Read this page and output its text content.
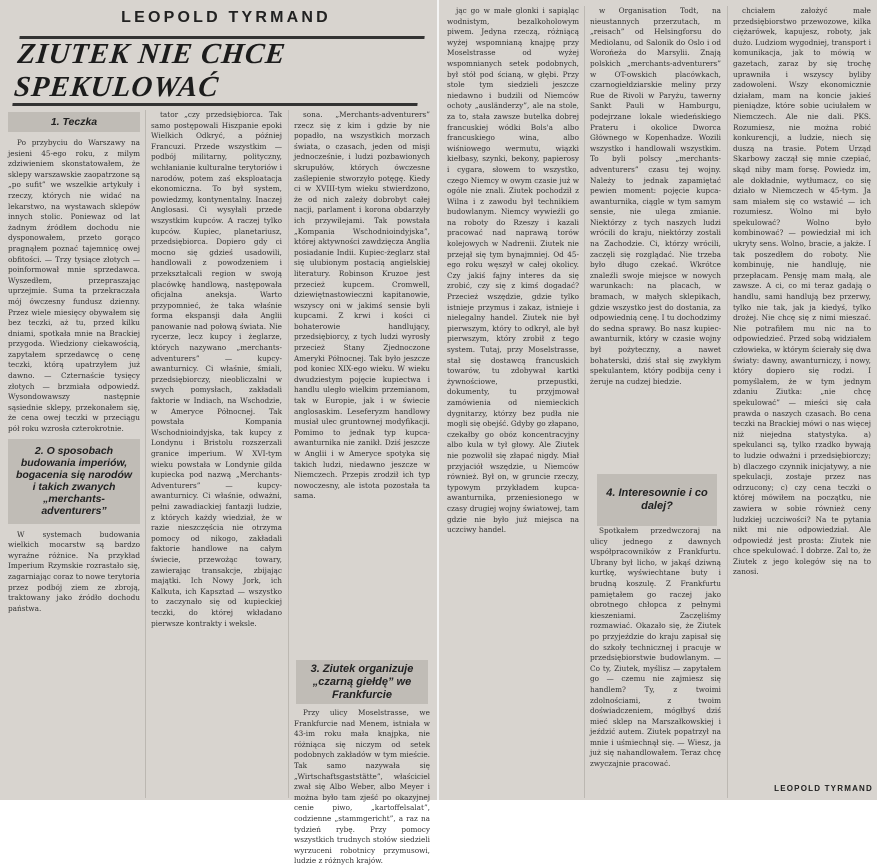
LEOPOLD TYRMAND
ZIUTEK NIE CHCE SPEKULOWAĆ
1. Teczka

Po przybyciu do Warszawy na jesieni 45-ego roku, z milym zdziwieniem skonstatowałem, że sklepy warszawskie zaopatrzone są „po sufit” we wszelkie artykuły i rzeczy, których nie widać na lekarstwo, na wystawach sklepów innych stolic. Poniewaz od lat żadnym źródłem dochodu nie dysponowałem, przeto gorąco pragnąłem poznać tajemnicę owej obfitości. — Trzy tysiące złotych — poinformował mnie sprzedawca. Wyszedłem, przepraszając uprzejmie. Suma ta przekraczała mój ówczesny fundusz dzienny. Przez wiele miesięcy obywałem się bez teczki, aż tu, przed kilku dniami, spotkała mnie na Brackiej przygoda. Wiedziony ciekawością, zapytałem sprzedawcę o cenę teczki, którą upatrzyłem już dawno. — Czternaście tysięcy złotych — brzmiała odpowiedź. Wysondowawszy następnie sąsiednie sklepy, przekonałem się, że cena owej teczki w przeciągu pół roku wzrosła czterokrotnie.

2. O sposobach budowania imperiów, bogacenia się narodów i takich zwanych „merchants-adventurers”

W systemach budowania wielkich mocarstw są bardzo wyraźne różnice. Na przykład Imperium Rzymskie rozrastało się, zagarniając coraz to nowe terytoria przez podbój ziem ze zbroją, traktowany jako źródło dochodu państwa.

tator „czy przedsiębiorca. Tak samo postępowali Hiszpanie epoki Wielkich Odkryć, a później Francuzi. Przede wszystkim — podbój militarny, polityczny, wchłanianie kulturalne terytoriów i narodów, potem zaś eksploatacja ekonomiczna. To był system, powiedzmy, kontynentalny. Inaczej Anglosasi. Ci wysyłali przede wszystkim kupców. A raczej tylko kupców. Kupiec, planetariusz, przedsiębiorca. Dopiero gdy ci mocno się gdzieś usadowili, handlowali z powodzeniem i przekształcali region w swoją placówkę handlową, następowała oficjalna aneksja. Warto przypomnieć, że taka właśnie forma ekspansji dała Anglii panowanie nad połową świata. Nie rycerze, lecz kupcy i żeglarze, których nazywano „merchants-adventurers” — kupcy-awanturnicy. Ci właśnie, śmiali, przedsiębiorczy, nieobliczalni w swych pomysłach, zakładali faktorie w Indiach, na Wschodzie, w Ameryce Północnej. Tak powstała Kompania Wschodnioindyjska, tak kupcy z Londynu i Bristolu rozszerzali granice imperium. W XVI-tym wieku powstała w Londynie gilda kupiecka pod nazwą „Merchants-Adventurers” — kupcy-awanturnicy. Ci właśnie, odważni, pełni zawadiackiej fantazji ludzie, z których każdy wiedział, że w razie nieszczęścia nie otrzyma pomocy od nikogo, zakładali faktorie handlowe na całym świecie, przewożąc towary, zawierając transakcje, zbijając majątki. Ich Nowy Jork, ich Kalkuta, ich Kapsztad — wszystko to zaczynało się od kupieckiej teczki, do której wkładano pierwsze kontrakty i weksle.

sona. „Merchants-adventurers” rzecz się z kim i gdzie by nie popadło, na wszystkich morzach świata, o czasach, jeden od misji jednocześnie, i ludzi pozbawionych skrupułów, których ówczesne zaślepienie stworzyło potęgę. Kiedy ci w XVIII-tym wieku stwierdzono, że od nich zależy dobrobyt całej nacji, parlament i korona obdarzyły ich przywilejami. Tak powstała „Kompania Wschodnioindyjska”, której aktywności zawdzięcza Anglia posiadanie Indii. Kupiec-żeglarz stał się ulubionym postacią angielskiej literatury. Robinson Kruzoe jest przecież kupcem. Cromwell, dziewiętnastowieczni kapitanowie, wszyscy oni w jakimś sensie byli kupcami. Z krwi i kości ci bohaterowie handlujący, przedsiębiorcy, z tych ludzi wyrosły przecież Stany Zjednoczone Ameryki Północnej. Tak było jeszcze pod koniec XIX-ego wieku. W wieku dwudziestym pojęcie kupiectwa i handlu uległo wielkim przemianom, tak w Europie, jak i w świecie anglosaskim. Leseferyzm handlowy musiał ulec gruntownej modyfikacji. Pomimo to jednak typ kupca-awanturnika nie zanikł. Dziś jeszcze w Anglii i w Ameryce spotyka się takich ludzi, niedawno jeszcze w Niemczech. Przepis zrodził ich typ nowoczesny, ale istota pozostała ta sama.

3. Ziutek organizuje „czarną giełdę” we Frankfurcie

Przy ulicy Moselstrasse, we Frankfurcie nad Menem, istniała w 43-im roku mała knajpka, nie różniąca się niczym od setek podobnych zakładów w tym mieście. Tak samo nazywała się „Wirtschaftsgaststätte”, właściciel zwał się Albo Weber, albo Meyer i można było tam zjeść po okazyjnej cenie piwo, „kartoffelsalat”, codzienne „stammgericht”, a raz na tydzień rybę. Przy pomocy wszystkich trudnych stołów siedzieli wyrzuceni robotnicy przymusowi, ludzie z różnych krajów.

jąc go w małe glonki i sapiąląc wodnistym, bezalkoholowym piwem. Jedyna rzeczą, różniącą wyżej wspomnianą knajpę przy Moselstrasse od wyżej wspomnianych setek podobnych, był stół pod ścianą, w głębi. Przy stole tym siedzieli jeszcze niedawno i budzili od Niemców ochoty „ausländerzy”, ale na stole, za to, stała zawsze butelka dobrej francuskiej wódki Bols'a albo francuskiego wina, albo wiśniowego wermutu, wiązki kiełbasy, szynki, bekony, papierosy i cygara, słowem to wszystko, czego Niemcy w owym czasie już w ogóle nie znali. Ziutek pochodził z Wilna i z zawodu był technikiem budowlanym. Niemcy wywieźli go na roboty do Rzeszy i kazali pracować nad naprawą torów kolejowych w Nadrenii. Ziutek nie przejął się tym bynajmniej. Od 45-ego roku węszył w całej okolicy. Czy jakiś fajny interes da się zrobić, czy się z kimś dogadać? Przecież wszędzie, gdzie tylko istnieje przymus i zakaz, istnieje i nielegalny handel. Ziutek nie był pierwszym, który to odkrył, ale był pierwszym, który zrobił z tego system. Tutaj, przy Moselstrasse, stał się dostawcą francuskich towarów, tu zdobywał kartki żywnościowe, przepustki, dokumenty, tu przyjmował zamówienia od niemieckich dygnitarzy, którzy bez pudła nie mogli się obejść. Gdyby go złapano, czekałby go obóz koncentracyjny albo kula w tył głowy. Ale Ziutek nie pozwolił się złapać nigdy. Miał przyjaciół wszędzie, u Niemców również. Był on, w gruncie rzeczy, typowym przykładem kupca-awanturnika, przeniesionego w czasy drugiej wojny światowej, tam gdzie nie było już miejsca na uczciwy handel.

w Organisation Todt, na nieustannych przerzutach, m „reisach” od Helsingforsu do Mediolanu, od Salonik do Oslo i od Worońeża do Marsylii. Znają polskich „merchants-adventurers” w OT-owskich placówkach, czarnogiełdziarskie meliny przy Rue de Rivoli w Paryżu, tawerny Sankt Pauli w Hamburgu, podejrzane lokale wiedeńskiego Prateru i okolice Dworca Głównego w Kopenhadze. Wozili wszystko i handlowali wszystkim. To byli polscy „merchants-adventurers” czasu tej wojny. Należy to jednak zapamiętać pewien moment: pojęcie kupca-awanturnika, ciągle w tym samym sensie, nie ulega zmianie. Niektórzy z tych naszych ludzi wrócili do kraju, niektórzy zostali na Zachodzie. Ci, którzy wrócili, zaczęli się rozglądać. Nie trzeba było długo czekać. Wkrótce znaleźli swoje miejsce w nowych warunkach: na placach, w bramach, w małych sklepikach, gdzie wszystko jest do dostania, za odpowiednią cenę. I tu dochodzimy do sedna sprawy. Bo nasz kupiec-awanturnik, który w czasie wojny był pożyteczny, a nawet bohaterski, dziś stał się zwykłym spekulantem, który podbija ceny i żeruje na cudzej biedzie.

4. Interesownie i co dalej?

Spotkałem przedwczoraj na ulicy jednego z dawnych współpracowników z Frankfurtu. Ubrany był licho, w jakąś dziwną kurtkę, wyświechtane buty i brudną koszulę. Z Frankfurtu pamiętałem go raczej jako obrotnego chłopca z pełnymi kieszeniami. Zaczęliśmy rozmawiać. Okazało się, że Ziutek po przyjeździe do kraju zapisał się do szkoły technicznej i pracuje w przedsiębiorstwie budowlanym. — Co ty, Ziutek, myślisz — zapytałem go — czemu nie zajmiesz się handlem? Ty, z twoimi zdolnościami, z twoim doświadczeniem, mógłbyś dziś mieć sklep na Marszałkowskiej i jeździć autem. Ziutek popatrzył na mnie i uśmiechnął się. — Wiesz, ja już się nahandlowałem. Teraz chcę zwyczajnie pracować.

chciałem założyć małe przedsiębiorstwo przewozowe, kilka ciężarówek, kapujesz, roboty, jak dużo. Ludziom wygodniej, transport i komunikacja, jak to mówią w gazetach, zaraz by się trochę uprawniła i wszyscy byliby zadowoleni. Wszy ekonomicznie działam, mam na koncie jakieś pieniądze, które sobie uciułałem w Niemczech. Ale nie dali. PKS. Rozumiesz, nie można robić konkurencji, a ludzie, niech się duszą na trasie. Potem Urząd Skarbowy zaczął się mnie czepiać, skąd niby mam forsę. Powiedz im, ale dokładnie, wytłumacz, co się działo w Niemczech w 45-tym. Ja sam miałem się co wstawić — ich rozumiesz. Wolno mi było spekulować? Wolno było kombinować? — powiedział mi ich ukryty sens. Wolno, bracie, a jakże. I tak poszedłem do roboty. Nie kombinuję, nie handluję, nie przepłacam. Pensję mam małą, ale zawsze. A ci, co mi teraz gadają o handlu, sami handlują bez przerwy, tylko nie tak, jak ja kiedyś, tylko drożej. Nie chcę się z nimi mieszać. Nie potrafiłem mu nic na to odpowiedzieć. Przed sobą widziałem człowieka, w którym ścierały się dwa światy: dawny, awanturniczy, i nowy, który dopiero się rodzi. I pomyślałem, że w tym jednym zdaniu Ziutka: „nie chcę spekulować” — mieści się cała prawda o naszych czasach. Bo cena teczki na Brackiej mówi o nas więcej niż niejedna statystyka. a) spekulanci są, tylko rzadko bywają to ludzie odważni i przedsiębiorczy; b) dlaczego czynnik inicjatywy, a nie spekulacji, zostaje przez nas odrzucony; c) czy cena teczki o której mówiłem na początku, nie zawiera w sobie również ceny ludzkiej uczciwości? Na te pytania nikt mi nie odpowiedział. Ale odpowiedź jest prosta: Ziutek nie chce spekulować. I dobrze. Zal to, że Ziutek z jego kolegów się na to zanosi.

LEOPOLD TYRMAND
